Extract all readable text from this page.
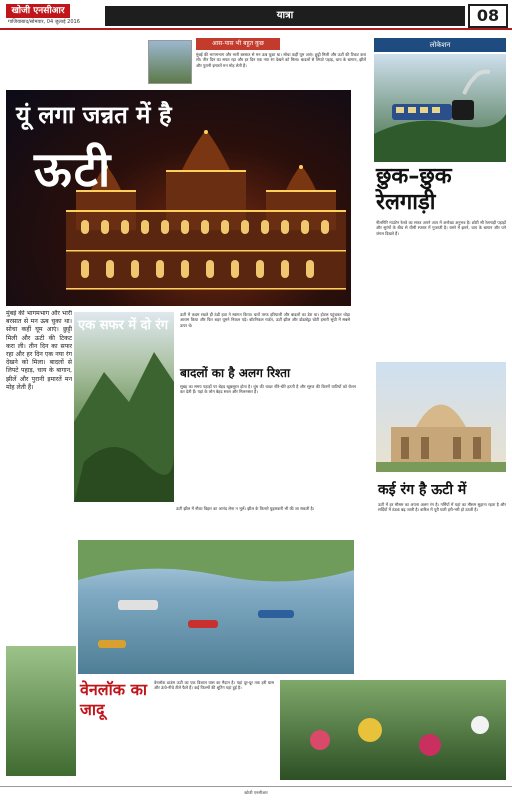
खोजी एनसीआर
गाजियाबाद/सोमवार, 04 जुलाई 2016
यात्रा	08
आस-पास भी बहुत कुछ
मुंबई की भागमभाग और भारी बरसात से मन ऊब चुका था। सोचा कहीं घूम आएं। छुट्टी मिली और ऊटी की टिकट करा ली। तीन दिन का सफर रहा और हर दिन एक नया रंग देखने को मिला। बादलों से लिपटे पहाड़, चाय के बागान, झीलें और पुरानी इमारतें मन मोह लेती हैं।
लोकेशन
छुक–छुक
रेलगाड़ी
नीलगिरि माउंटेन रेलवे का सफर अपने आप में अनोखा अनुभव है। छोटी सी रेलगाड़ी पहाड़ों और सुरंगों के बीच से धीमी रफ्तार में गुजरती है। रास्ते में झरने, चाय के बागान और घने जंगल दिखते हैं।
यूं लगा जन्नत में है
ऊटी
मुंबई की भागमभाग और भारी बरसात से मन ऊब चुका था। सोचा कहीं घूम आएं। छुट्टी मिली और ऊटी की टिकट करा ली। तीन दिन का सफर रहा और हर दिन एक नया रंग देखने को मिला। बादलों से लिपटे पहाड़, चाय के बागान, झीलें और पुरानी इमारतें मन मोह लेती हैं।
एक सफर में दो रंग
ऊटी में कदम रखते ही ठंडी हवा ने स्वागत किया। चारों तरफ हरियाली और बादलों का डेरा था। होटल पहुंचकर थोड़ा आराम किया और फिर शहर घूमने निकल पड़े। बॉटनिकल गार्डन, ऊटी झील और डोडाबेट्टा चोटी हमारी सूची में सबसे ऊपर थे।
बादलों का है अलग रिश्ता
सुबह का समय पहाड़ों पर बेहद खूबसूरत होता है। धुंध की चादर धीरे-धीरे हटती है और सूरज की किरणें घाटियों को रोशन कर देती हैं। यहां के लोग बेहद सरल और मिलनसार हैं।
कई रंग है ऊटी में
ऊटी में हर मौसम का अपना अलग रंग है। गर्मियों में यहां का मौसम सुहाना रहता है और सर्दियों में ठंडक बढ़ जाती है। बारिश में पूरी घाटी हरी-भरी हो उठती है।
खूबसूरत शहर	ऊटी झील में नौका विहार का आनंद लेना न भूलें। झील के किनारे घुड़सवारी भी की जा सकती है।
वेनलॉक का जादू
वेनलॉक डाउंस ऊटी का एक विशाल घास का मैदान है। यहां दूर-दूर तक हरी घास और ऊंचे-नीचे टीले फैले हैं। कई फिल्मों की शूटिंग यहां हुई है।
खोजी एनसीआर
